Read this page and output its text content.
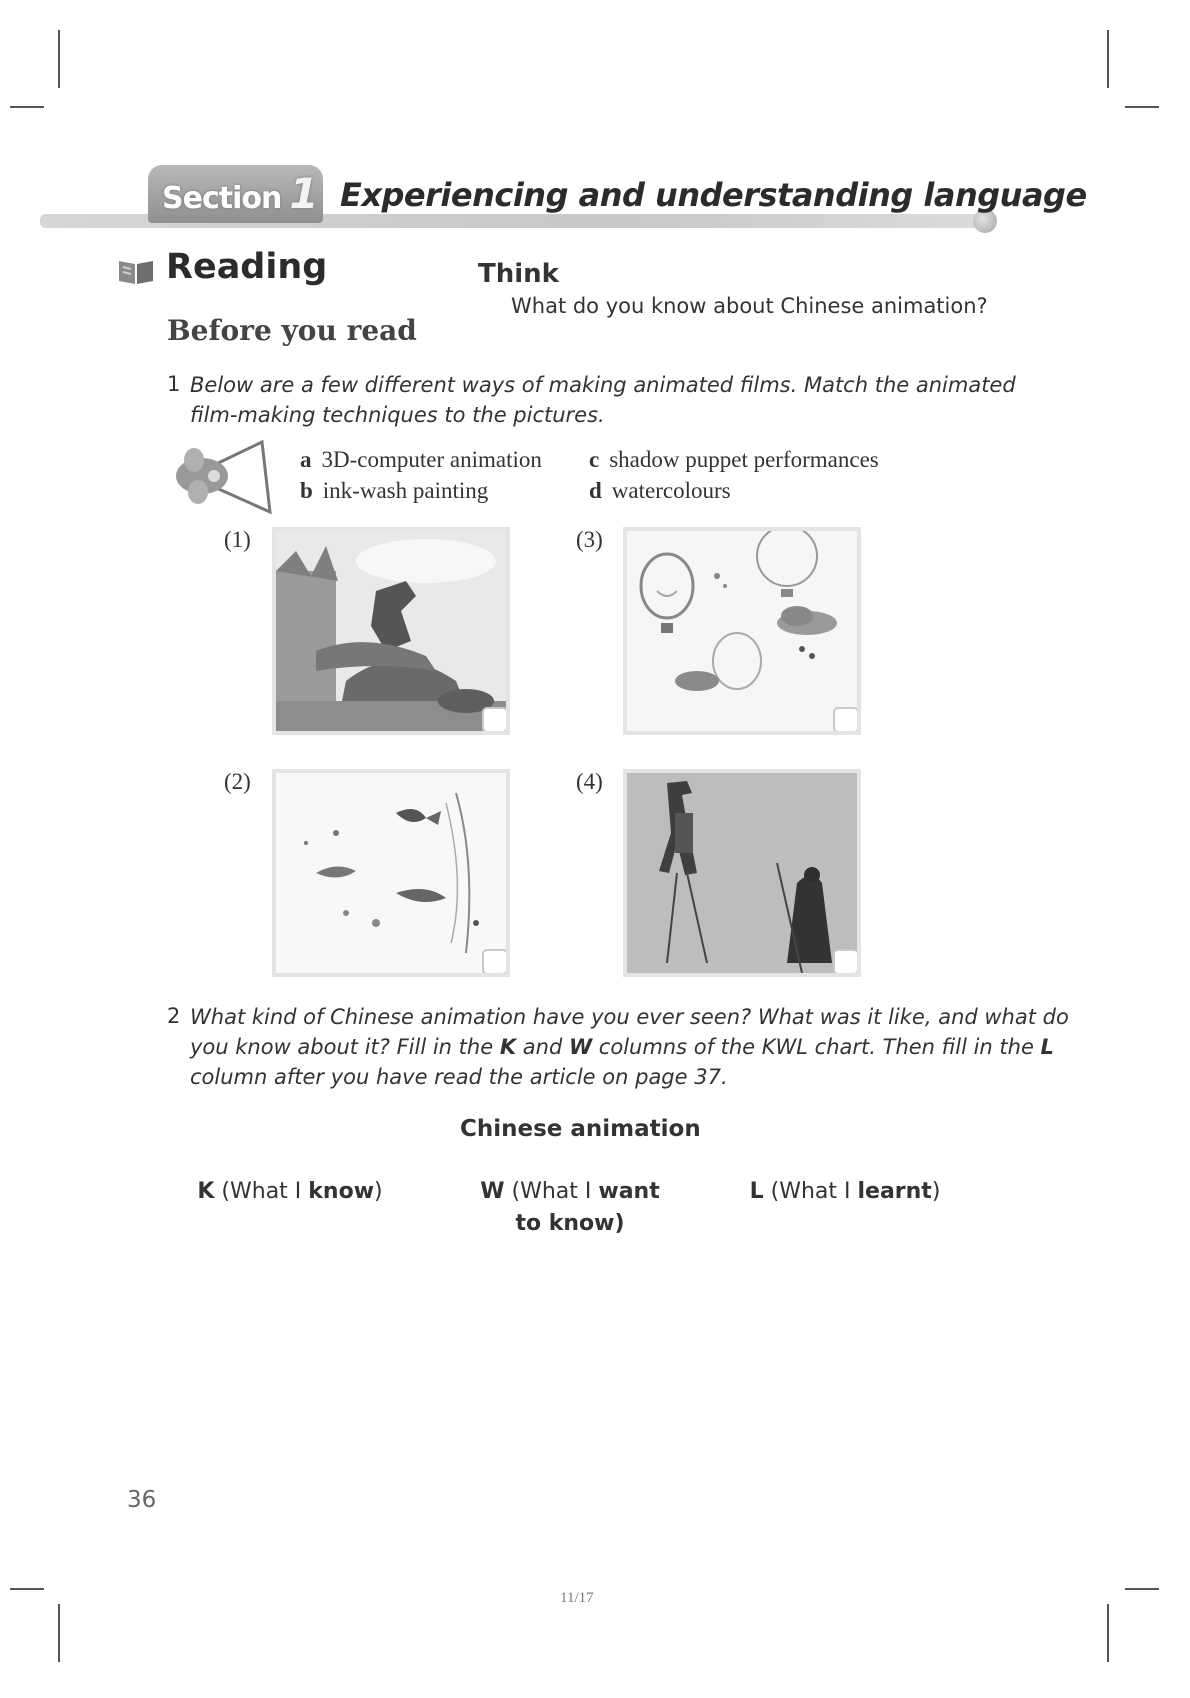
Section 1 Experiencing and understanding language
Reading	Think
What do you know about Chinese animation?
Before you read
1 Below are a few different ways of making animated films. Match the animated
film-making techniques to the pictures.
a 3D-computer animation
b ink-wash painting
c shadow puppet performances
d watercolours
(1)	(3)
(2)	(4)
2 What kind of Chinese animation have you ever seen? What was it like, and what do
you know about it? Fill in the K and W columns of the KWL chart. Then fill in the L
column after you have read the article on page 37.
Chinese animation
K (What I know)	W (What I want
to know)
L (What I learnt)
36
11/17
